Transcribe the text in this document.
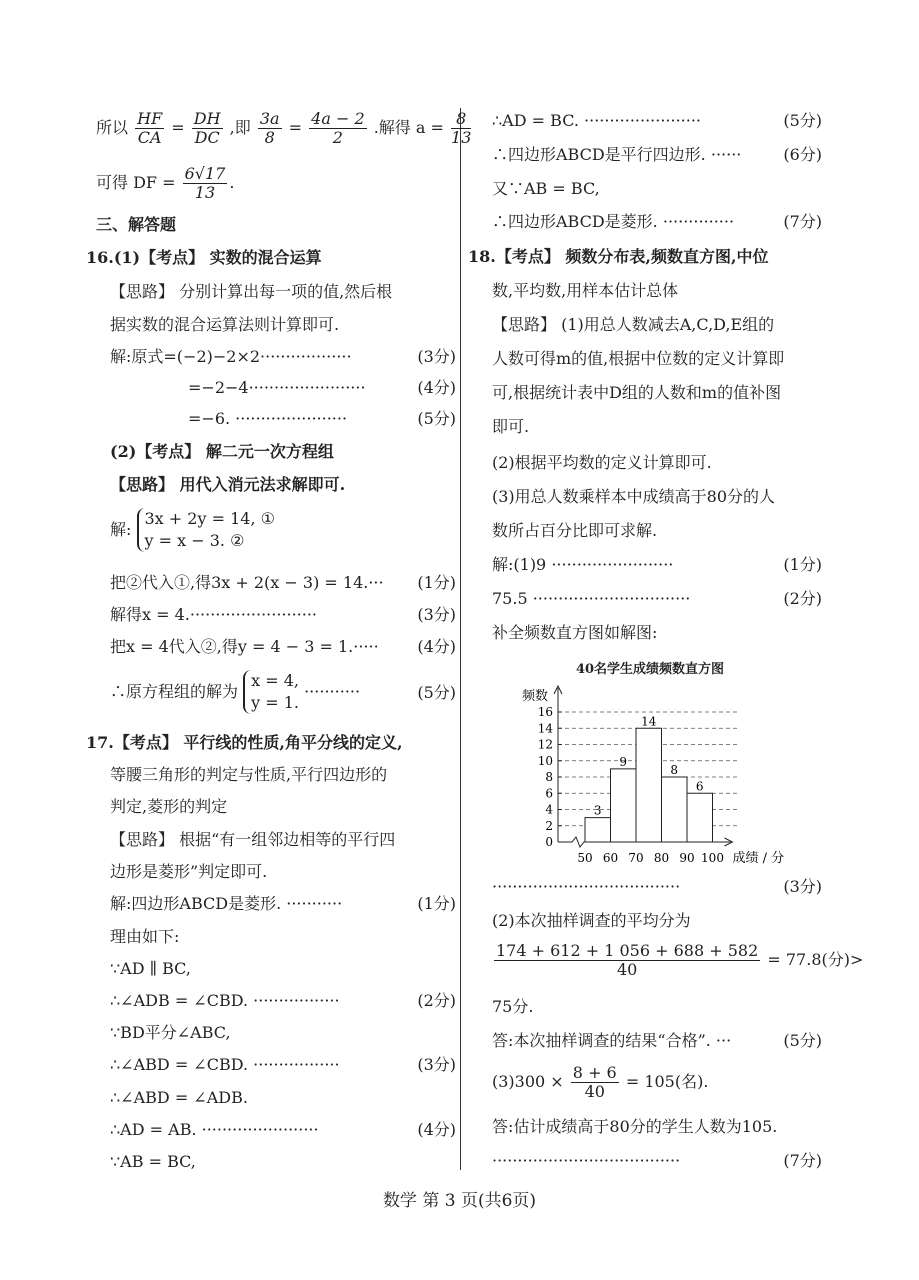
所以 $\frac{HF}{CA} = \frac{DH}{DC}$ ,即 $\frac{3a}{8} = \frac{4a - 2}{2}$ .解得 $a = \frac{8}{13}$
可得 DF = $\frac{6√17}{13}$ .
三、解答题
16.(1)【考点】 实数的混合运算
【思路】 分别计算出每一项的值,然后根
据实数的混合运算法则计算即可.
解:原式=(−2)−2×2··················	(3分)
=−2−4·······················	(4分)
=−6. ······················	(5分)
(2)【考点】 解二元一次方程组
【思路】 用代入消元法求解即可.
解:
3x + 2y = 14, ①
y = x − 3. ②
把②代入①,得3x + 2(x − 3) = 14.··· (1分)
解得x = 4.·························	(3分)
把x = 4代入②,得y = 4 − 3 = 1.····· (4分)
∴原方程组的解为
x = 4,
y = 1.
···········	(5分)
17.【考点】 平行线的性质,角平分线的定义,
等腰三角形的判定与性质,平行四边形的
判定,菱形的判定
【思路】 根据“有一组邻边相等的平行四
边形是菱形”判定即可.
解:四边形ABCD是菱形. ···········	(1分)
理由如下:
∵AD ∥ BC,
∴∠ADB = ∠CBD. ·················	(2分)
∵BD平分∠ABC,
∴∠ABD = ∠CBD. ·················	(3分)
∴∠ABD = ∠ADB.
∴AD = AB. ·······················	(4分)
∵AB = BC,
∴AD = BC. ·······················	(5分)
∴四边形ABCD是平行四边形. ······	(6分)
又∵AB = BC,
∴四边形ABCD是菱形. ··············	(7分)
18.【考点】 频数分布表,频数直方图,中位
数,平均数,用样本估计总体
【思路】 (1)用总人数减去A,C,D,E组的
人数可得m的值,根据中位数的定义计算即
可,根据统计表中D组的人数和m的值补图
即可.
(2)根据平均数的定义计算即可.
(3)用总人数乘样本中成绩高于80分的人
数所占百分比即可求解.
解:(1)9 ························	(1分)
75.5 ·······························	(2分)
补全频数直方图如解图:
·····································	(3分)
(2)本次抽样调查的平均分为
$\frac{174 + 612 + 1 056 + 688 + 582}{40} = 77.8$(分)>
75分.
答:本次抽样调查的结果“合格”. ···	(5分)
$(3)300 \times \frac{8 + 6}{40} = 105$(名).
答:估计成绩高于80分的学生人数为105.
·····································	(7分)
40名学生成绩频数直方图
0
2
4
6
8
10
12
14
16
频数
成绩 / 分
50 60 70 80 90 100
3
9
14
8
6
数学 第 3 页(共6页)
